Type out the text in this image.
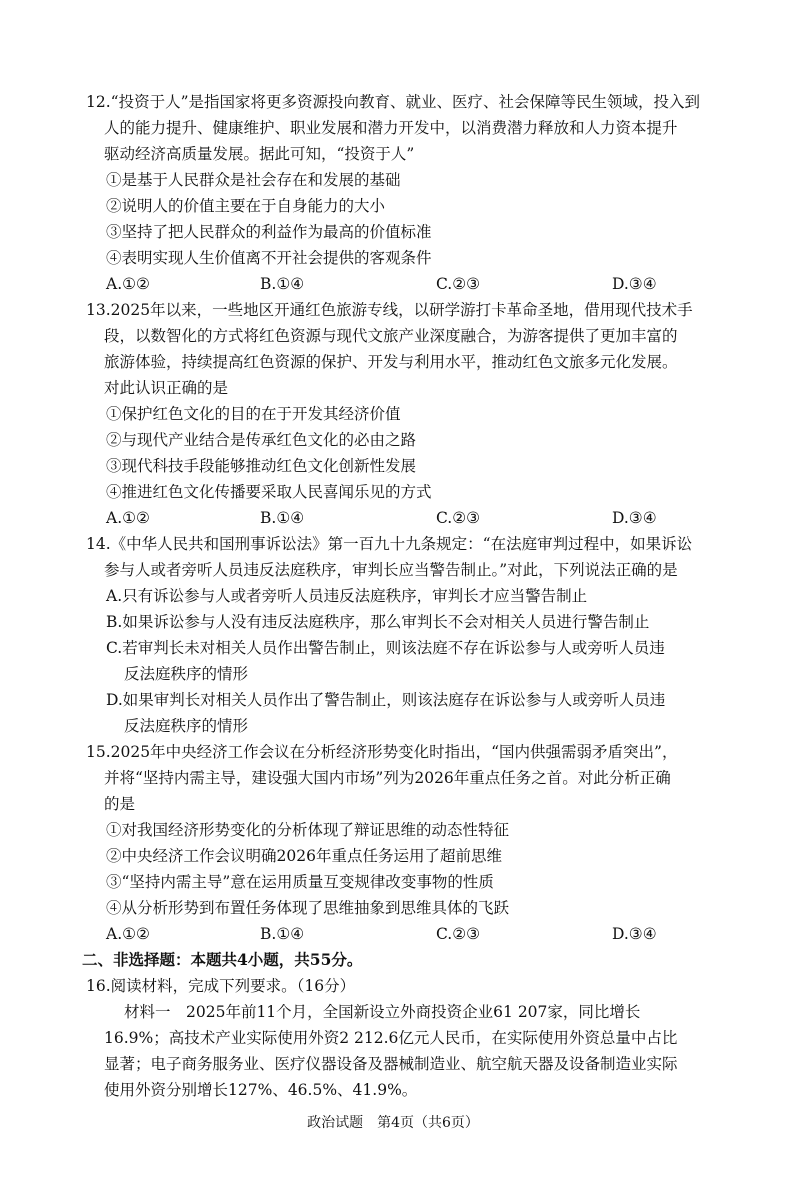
12.“投资于人”是指国家将更多资源投向教育、就业、医疗、社会保障等民生领域，投入到
人的能力提升、健康维护、职业发展和潜力开发中，以消费潜力释放和人力资本提升
驱动经济高质量发展。据此可知，“投资于人”
①是基于人民群众是社会存在和发展的基础
②说明人的价值主要在于自身能力的大小
③坚持了把人民群众的利益作为最高的价值标准
④表明实现人生价值离不开社会提供的客观条件
A.①②	B.①④	C.②③	D.③④
13.2025年以来，一些地区开通红色旅游专线，以研学游打卡革命圣地，借用现代技术手
段，以数智化的方式将红色资源与现代文旅产业深度融合，为游客提供了更加丰富的
旅游体验，持续提高红色资源的保护、开发与利用水平，推动红色文旅多元化发展。
对此认识正确的是
①保护红色文化的目的在于开发其经济价值
②与现代产业结合是传承红色文化的必由之路
③现代科技手段能够推动红色文化创新性发展
④推进红色文化传播要采取人民喜闻乐见的方式
A.①②	B.①④	C.②③	D.③④
14.《中华人民共和国刑事诉讼法》第一百九十九条规定：“在法庭审判过程中，如果诉讼
参与人或者旁听人员违反法庭秩序，审判长应当警告制止。”对此，下列说法正确的是
A.只有诉讼参与人或者旁听人员违反法庭秩序，审判长才应当警告制止
B.如果诉讼参与人没有违反法庭秩序，那么审判长不会对相关人员进行警告制止
C.若审判长未对相关人员作出警告制止，则该法庭不存在诉讼参与人或旁听人员违
反法庭秩序的情形
D.如果审判长对相关人员作出了警告制止，则该法庭存在诉讼参与人或旁听人员违
反法庭秩序的情形
15.2025年中央经济工作会议在分析经济形势变化时指出，“国内供强需弱矛盾突出”，
并将“坚持内需主导，建设强大国内市场”列为2026年重点任务之首。对此分析正确
的是
①对我国经济形势变化的分析体现了辩证思维的动态性特征
②中央经济工作会议明确2026年重点任务运用了超前思维
③“坚持内需主导”意在运用质量互变规律改变事物的性质
④从分析形势到布置任务体现了思维抽象到思维具体的飞跃
A.①②	B.①④	C.②③	D.③④
二、非选择题：本题共4小题，共55分。
16.阅读材料，完成下列要求。（16分）
材料一　2025年前11个月，全国新设立外商投资企业61 207家，同比增长
16.9%；高技术产业实际使用外资2 212.6亿元人民币，在实际使用外资总量中占比
显著；电子商务服务业、医疗仪器设备及器械制造业、航空航天器及设备制造业实际
使用外资分别增长127%、46.5%、41.9%。
政治试题　第4页（共6页）
